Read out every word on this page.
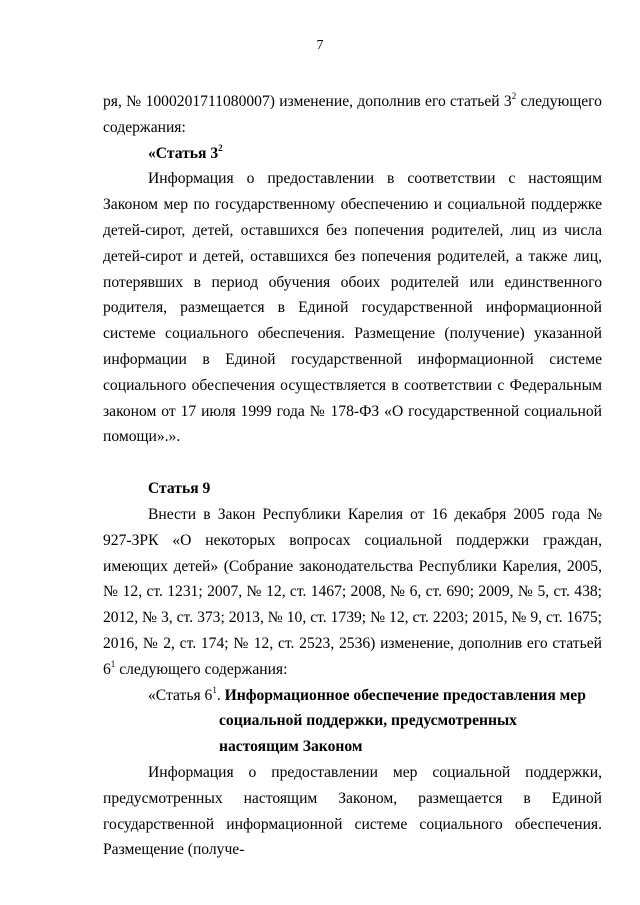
7

ря, № 1000201711080007) изменение, дополнив его статьей $3^2$ следующего содержания:

«Статья $3^2$

Информация о предоставлении в соответствии с настоящим Законом мер по государственному обеспечению и социальной поддержке детей-сирот, детей, оставшихся без попечения родителей, лиц из числа детей-сирот и детей, оставшихся без попечения родителей, а также лиц, потерявших в период обучения обоих родителей или единственного родителя, размещается в Единой государственной информационной системе социального обеспечения. Размещение (получение) указанной информации в Единой государственной информационной системе социального обеспечения осуществляется в соответствии с Федеральным законом от 17 июля 1999 года № 178-ФЗ «О государственной социальной помощи».».

Статья 9

Внести в Закон Республики Карелия от 16 декабря 2005 года № 927-ЗРК «О некоторых вопросах социальной поддержки граждан, имеющих детей» (Собрание законодательства Республики Карелия, 2005, № 12, ст. 1231; 2007, № 12, ст. 1467; 2008, № 6, ст. 690; 2009, № 5, ст. 438; 2012, № 3, ст. 373; 2013, № 10, ст. 1739; № 12, ст. 2203; 2015, № 9, ст. 1675; 2016, № 2, ст. 174; № 12, ст. 2523, 2536) изменение, дополнив его статьей $6^1$ следующего содержания:

«Статья $6^1$. Информационное обеспечение предоставления мер
социальной поддержки, предусмотренных
настоящим Законом

Информация о предоставлении мер социальной поддержки, предусмотренных настоящим Законом, размещается в Единой государственной информационной системе социального обеспечения. Размещение (получе-
